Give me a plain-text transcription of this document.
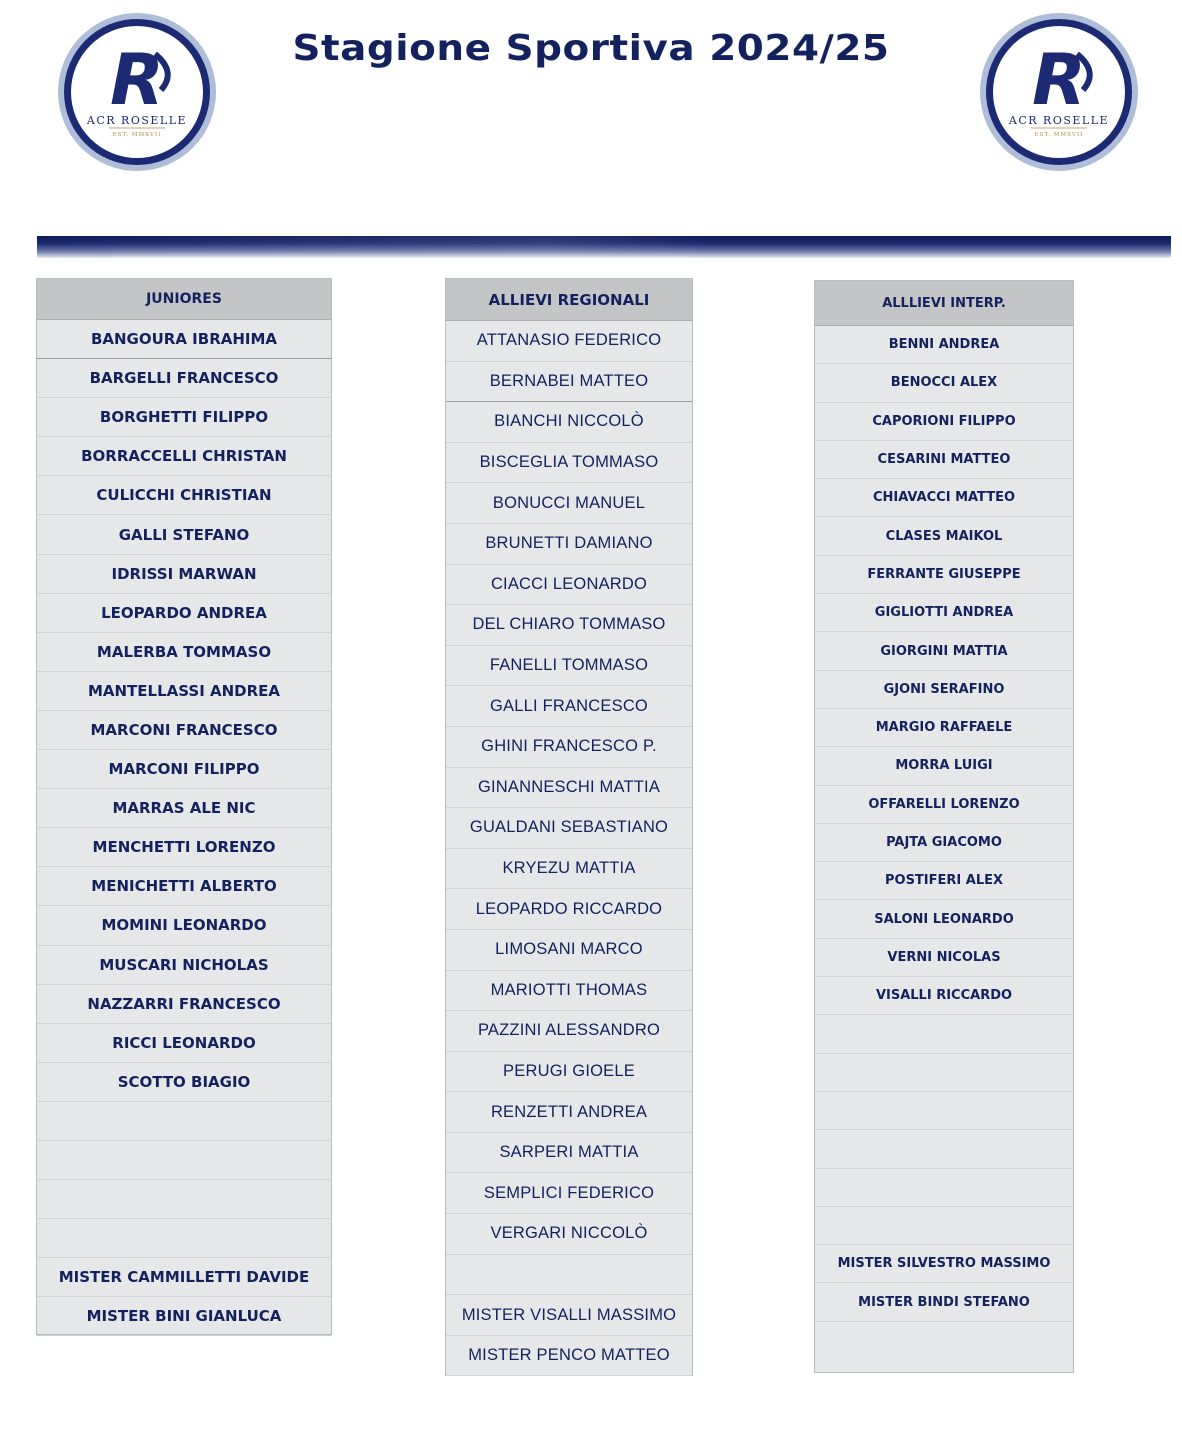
R
ACR ROSELLE
EST. MMXVII
R
ACR ROSELLE
EST. MMXVII
Stagione Sportiva 2024/25
JUNIORES
BANGOURA IBRAHIMA
BARGELLI FRANCESCO
BORGHETTI FILIPPO
BORRACCELLI CHRISTAN
CULICCHI CHRISTIAN
GALLI STEFANO
IDRISSI MARWAN
LEOPARDO ANDREA
MALERBA TOMMASO
MANTELLASSI ANDREA
MARCONI FRANCESCO
MARCONI FILIPPO
MARRAS ALE NIC
MENCHETTI LORENZO
MENICHETTI ALBERTO
MOMINI LEONARDO
MUSCARI NICHOLAS
NAZZARRI FRANCESCO
RICCI LEONARDO
SCOTTO BIAGIO
MISTER CAMMILLETTI DAVIDE
MISTER BINI GIANLUCA
ALLIEVI REGIONALI
ATTANASIO FEDERICO
BERNABEI MATTEO
BIANCHI NICCOLÒ
BISCEGLIA TOMMASO
BONUCCI MANUEL
BRUNETTI DAMIANO
CIACCI LEONARDO
DEL CHIARO TOMMASO
FANELLI TOMMASO
GALLI FRANCESCO
GHINI FRANCESCO P.
GINANNESCHI MATTIA
GUALDANI SEBASTIANO
KRYEZU MATTIA
LEOPARDO RICCARDO
LIMOSANI MARCO
MARIOTTI THOMAS
PAZZINI ALESSANDRO
PERUGI GIOELE
RENZETTI ANDREA
SARPERI MATTIA
SEMPLICI FEDERICO
VERGARI NICCOLÒ
MISTER VISALLI MASSIMO
MISTER PENCO MATTEO
ALLLIEVI INTERP.
BENNI ANDREA
BENOCCI ALEX
CAPORIONI FILIPPO
CESARINI MATTEO
CHIAVACCI MATTEO
CLASES MAIKOL
FERRANTE GIUSEPPE
GIGLIOTTI ANDREA
GIORGINI MATTIA
GJONI SERAFINO
MARGIO RAFFAELE
MORRA LUIGI
OFFARELLI LORENZO
PAJTA GIACOMO
POSTIFERI ALEX
SALONI LEONARDO
VERNI NICOLAS
VISALLI RICCARDO
MISTER SILVESTRO MASSIMO
MISTER BINDI STEFANO
